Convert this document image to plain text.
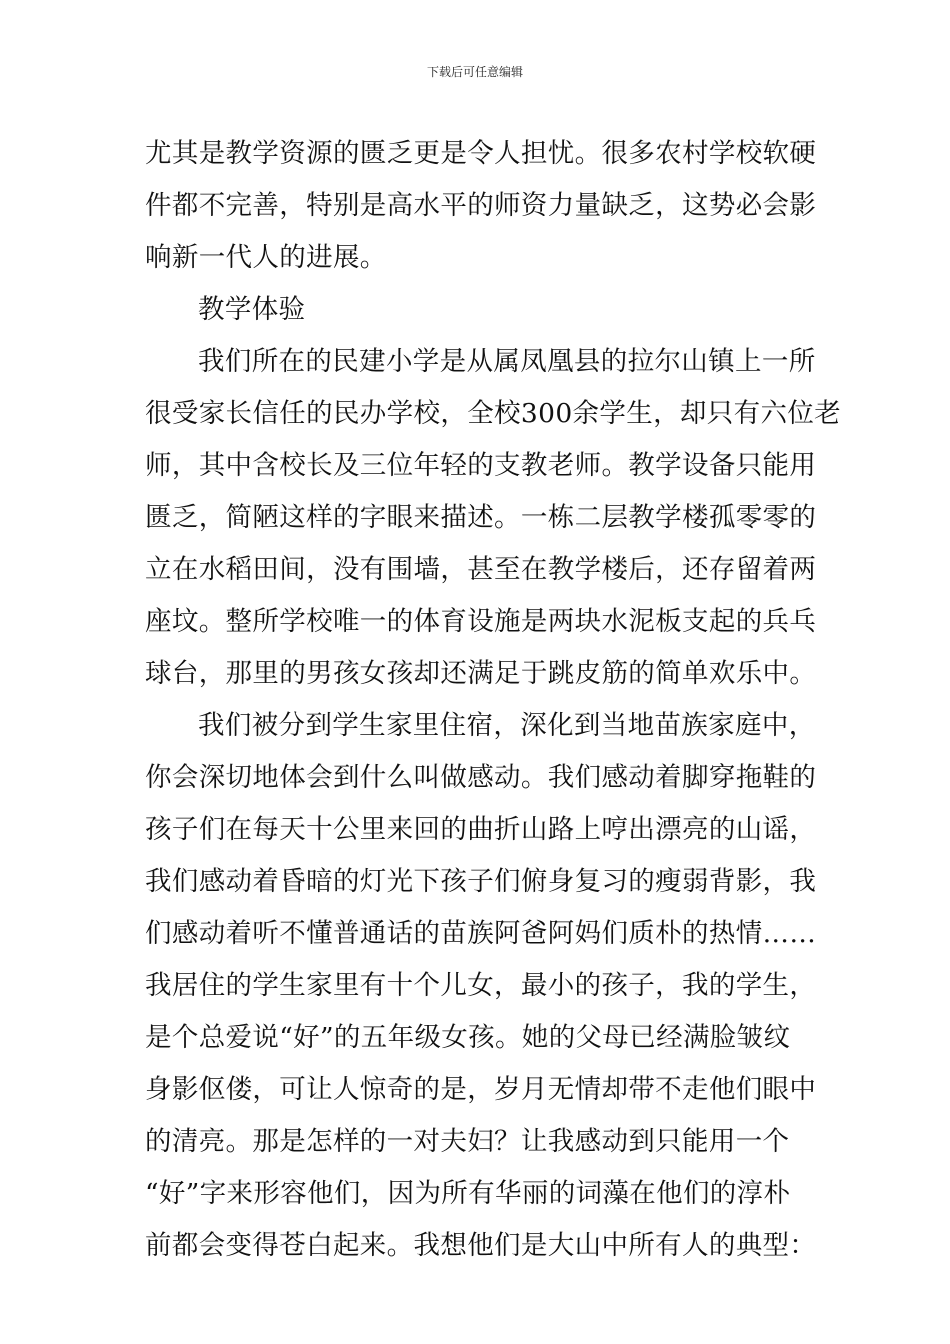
下载后可任意编辑
尤其是教学资源的匮乏更是令人担忧。很多农村学校软硬
件都不完善，特别是高水平的师资力量缺乏，这势必会影
响新一代人的进展。
教学体验
我们所在的民建小学是从属凤凰县的拉尔山镇上一所
很受家长信任的民办学校，全校300余学生，却只有六位老
师，其中含校长及三位年轻的支教老师。教学设备只能用
匮乏，简陋这样的字眼来描述。一栋二层教学楼孤零零的
立在水稻田间，没有围墙，甚至在教学楼后，还存留着两
座坟。整所学校唯一的体育设施是两块水泥板支起的兵乓
球台，那里的男孩女孩却还满足于跳皮筋的简单欢乐中。
我们被分到学生家里住宿，深化到当地苗族家庭中，
你会深切地体会到什么叫做感动。我们感动着脚穿拖鞋的
孩子们在每天十公里来回的曲折山路上哼出漂亮的山谣，
我们感动着昏暗的灯光下孩子们俯身复习的瘦弱背影，我
们感动着听不懂普通话的苗族阿爸阿妈们质朴的热情……
我居住的学生家里有十个儿女，最小的孩子，我的学生，
是个总爱说“好”的五年级女孩。她的父母已经满脸皱纹
身影伛偻，可让人惊奇的是，岁月无情却带不走他们眼中
的清亮。那是怎样的一对夫妇？让我感动到只能用一个
“好”字来形容他们，因为所有华丽的词藻在他们的淳朴
前都会变得苍白起来。我想他们是大山中所有人的典型：
